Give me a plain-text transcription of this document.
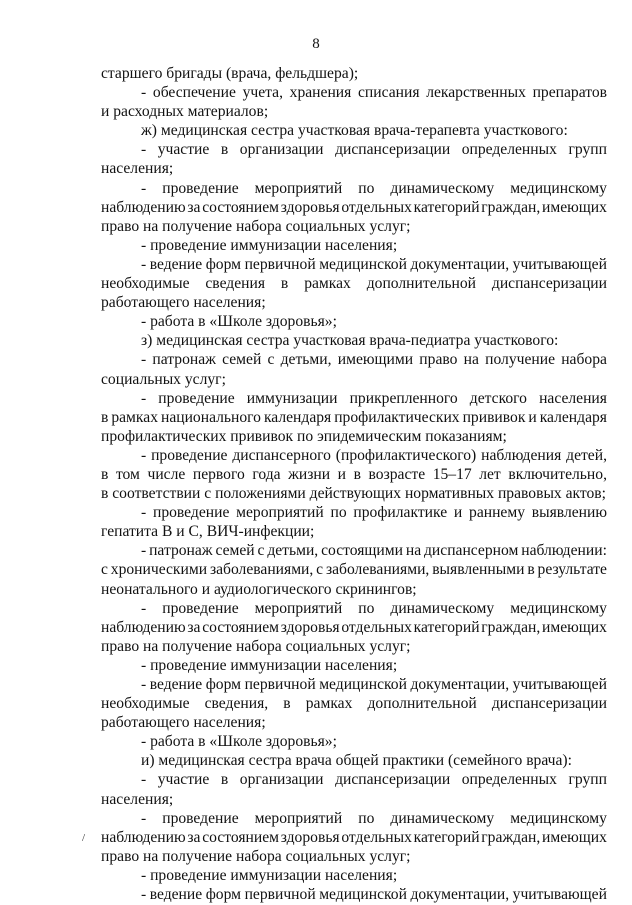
8
старшего бригады (врача, фельдшера);
- обеспечение учета, хранения списания лекарственных препаратов
и расходных материалов;
ж) медицинская сестра участковая врача-терапевта участкового:
- участие в организации диспансеризации определенных групп
населения;
- проведение мероприятий по динамическому медицинскому
наблюдению за состоянием здоровья отдельных категорий граждан, имеющих
право на получение набора социальных услуг;
- проведение иммунизации населения;
- ведение форм первичной медицинской документации, учитывающей
необходимые сведения в рамках дополнительной диспансеризации
работающего населения;
- работа в «Школе здоровья»;
з) медицинская сестра участковая врача-педиатра участкового:
- патронаж семей с детьми, имеющими право на получение набора
социальных услуг;
- проведение иммунизации прикрепленного детского населения
в рамках национального календаря профилактических прививок и календаря
профилактических прививок по эпидемическим показаниям;
- проведение диспансерного (профилактического) наблюдения детей,
в том числе первого года жизни и в возрасте 15–17 лет включительно,
в соответствии с положениями действующих нормативных правовых актов;
- проведение мероприятий по профилактике и раннему выявлению
гепатита В и С, ВИЧ-инфекции;
- патронаж семей с детьми, состоящими на диспансерном наблюдении:
с хроническими заболеваниями, с заболеваниями, выявленными в результате
неонатального и аудиологического скринингов;
- проведение мероприятий по динамическому медицинскому
наблюдению за состоянием здоровья отдельных категорий граждан, имеющих
право на получение набора социальных услуг;
- проведение иммунизации населения;
- ведение форм первичной медицинской документации, учитывающей
необходимые сведения, в рамках дополнительной диспансеризации
работающего населения;
- работа в «Школе здоровья»;
и) медицинская сестра врача общей практики (семейного врача):
- участие в организации диспансеризации определенных групп
населения;
- проведение мероприятий по динамическому медицинскому
наблюдению за состоянием здоровья отдельных категорий граждан, имеющих
право на получение набора социальных услуг;
- проведение иммунизации населения;
- ведение форм первичной медицинской документации, учитывающей
/
